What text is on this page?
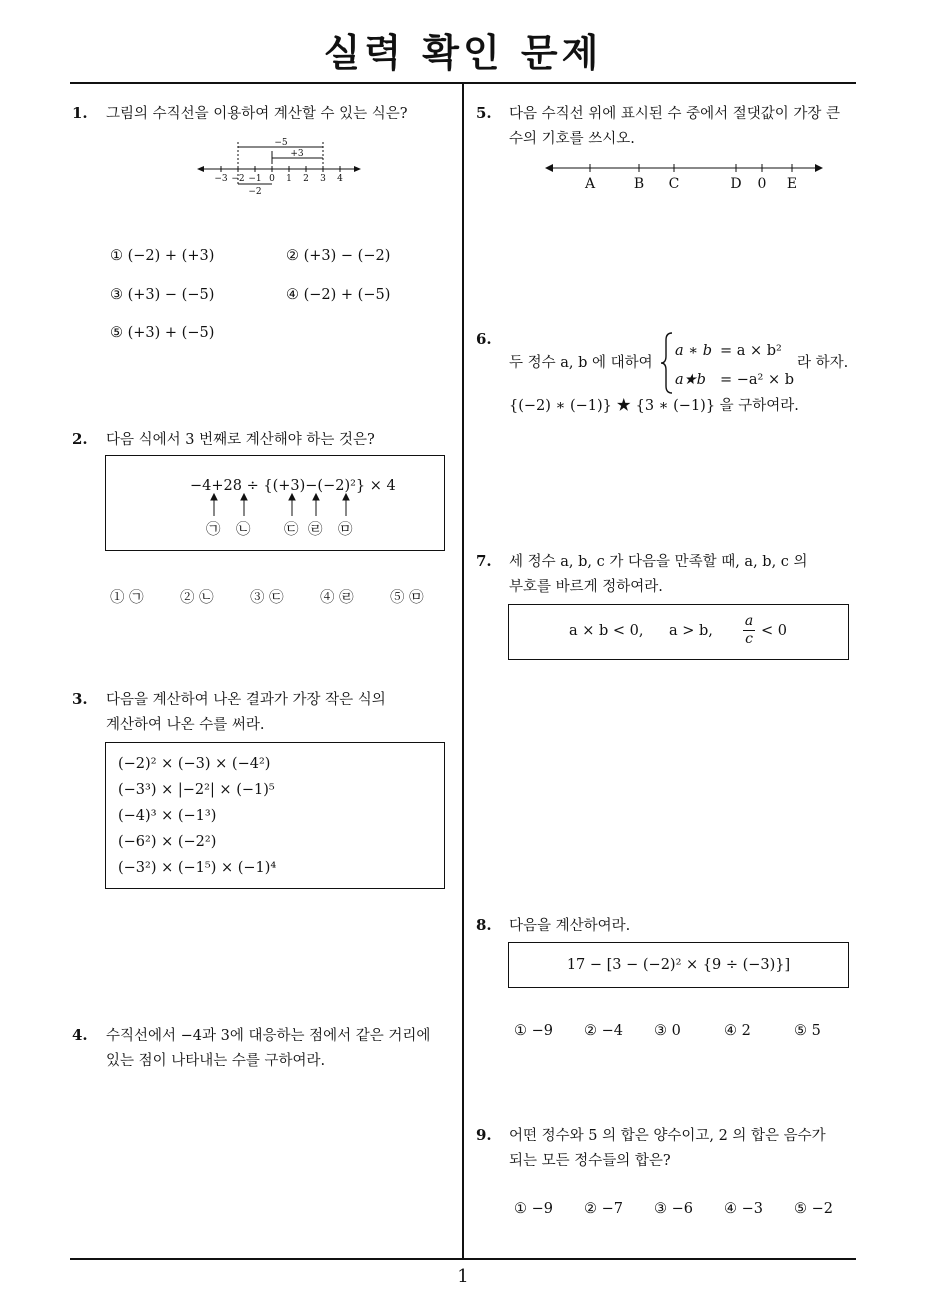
실력 확인 문제
1
1. 그림의 수직선을 이용하여 계산할 수 있는 식은?
−3 −2 −1 0 1 2 3 4
−5
+3
−2
① (−2) + (+3)	② (+3) − (−2)
③ (+3) − (−5)	④ (−2) + (−5)
⑤ (+3) + (−5)
2. 다음 식에서 3 번째로 계산해야 하는 것은?
−4+28 ÷ {(+3)−(−2)²} × 4
㉠ ㉡ ㉢ ㉣ ㉤
① ㉠	② ㉡	③ ㉢	④ ㉣	⑤ ㉤
3. 다음을 계산하여 나온 결과가 가장 작은 식의
계산하여 나온 수를 써라.
(−2)² × (−3) × (−4²)
(−3³) × |−2²| × (−1)⁵
(−4)³ × (−1³)
(−6²) × (−2²)
(−3²) × (−1⁵) × (−1)⁴
4. 수직선에서 −4과 3에 대응하는 점에서 같은 거리에
있는 점이 나타내는 수를 구하여라.
5. 다음 수직선 위에 표시된 수 중에서 절댓값이 가장 큰
수의 기호를 쓰시오.
A	B C	D 0 E
6.
두 정수 a, b 에 대하여
a ∗ b = a × b²
a★b = −a² × b
라 하자.
{(−2) ∗ (−1)} ★ {3 ∗ (−1)} 을 구하여라.
7. 세 정수 a, b, c 가 다음을 만족할 때, a, b, c 의
부호를 바르게 정하여라.
a × b < 0, a > b, $\frac{a}{c} < 0$
8. 다음을 계산하여라.
17 − [3 − (−2)² × {9 ÷ (−3)}]
① −9 ② −4 ③ 0	④ 2	⑤ 5
9. 어떤 정수와 5 의 합은 양수이고, 2 의 합은 음수가
되는 모든 정수들의 합은?
① −9 ② −7 ③ −6 ④ −3 ⑤ −2
